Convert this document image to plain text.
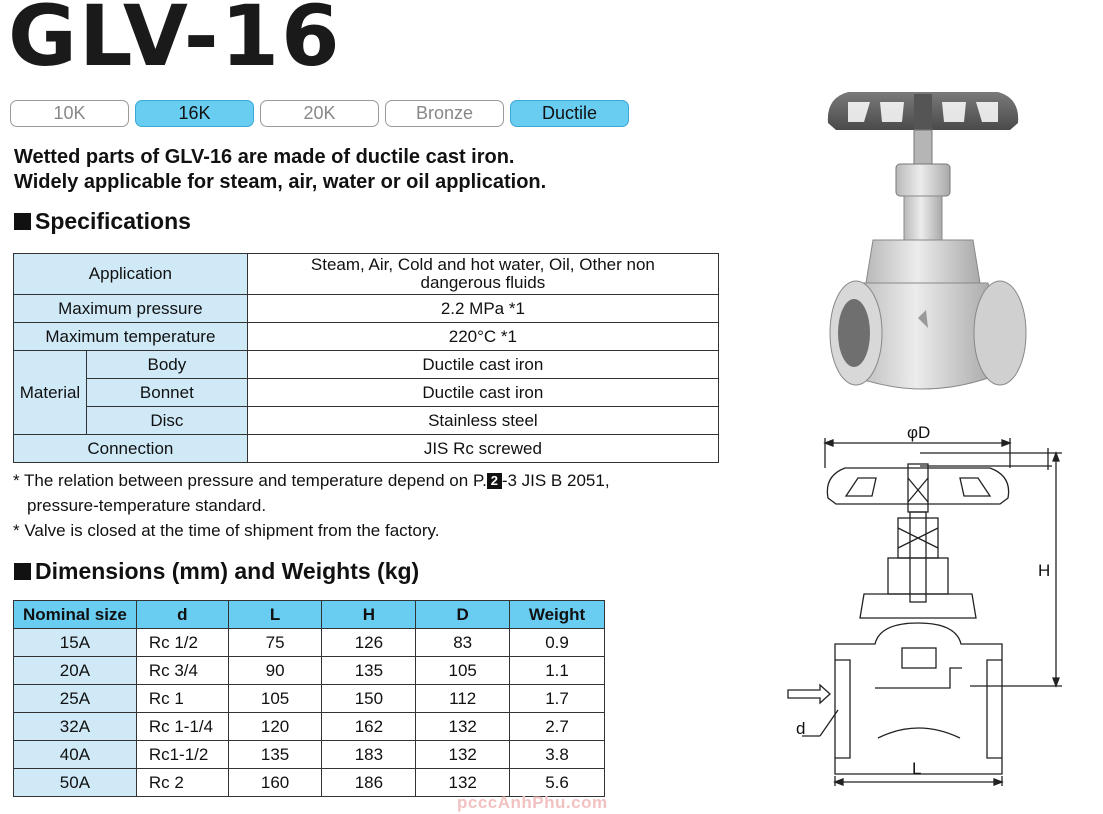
GLV-16
10K	16K	20K	Bronze	Ductile
Wetted parts of GLV-16 are made of ductile cast iron.
Widely applicable for steam, air, water or oil application.
Specifications
Application		Steam, Air, Cold and hot water, Oil, Other non
dangerous fluids

Maximum pressure		2.2 MPa *1
Maximum temperature		220°C *1
Material	Body	Ductile cast iron
	Bonnet	Ductile cast iron
	Disc	Stainless steel
Connection		JIS Rc screwed
* The relation between pressure and temperature depend on P. 2 -3 JIS B 2051,
pressure-temperature standard.
* Valve is closed at the time of shipment from the factory.
Dimensions (mm) and Weights (kg)
Nominal size	d	L	H	D	Weight
15A	Rc 1/2	75	126	83	0.9
20A	Rc 3/4	90	135	105	1.1
25A	Rc 1	105	150	112	1.7
32A	Rc 1-1/4	120	162	132	2.7
40A	Rc1-1/2	135	183	132	3.8
50A	Rc 2	160	186	132	5.6
φD
H
d
L
pcccAnhPhu.com
